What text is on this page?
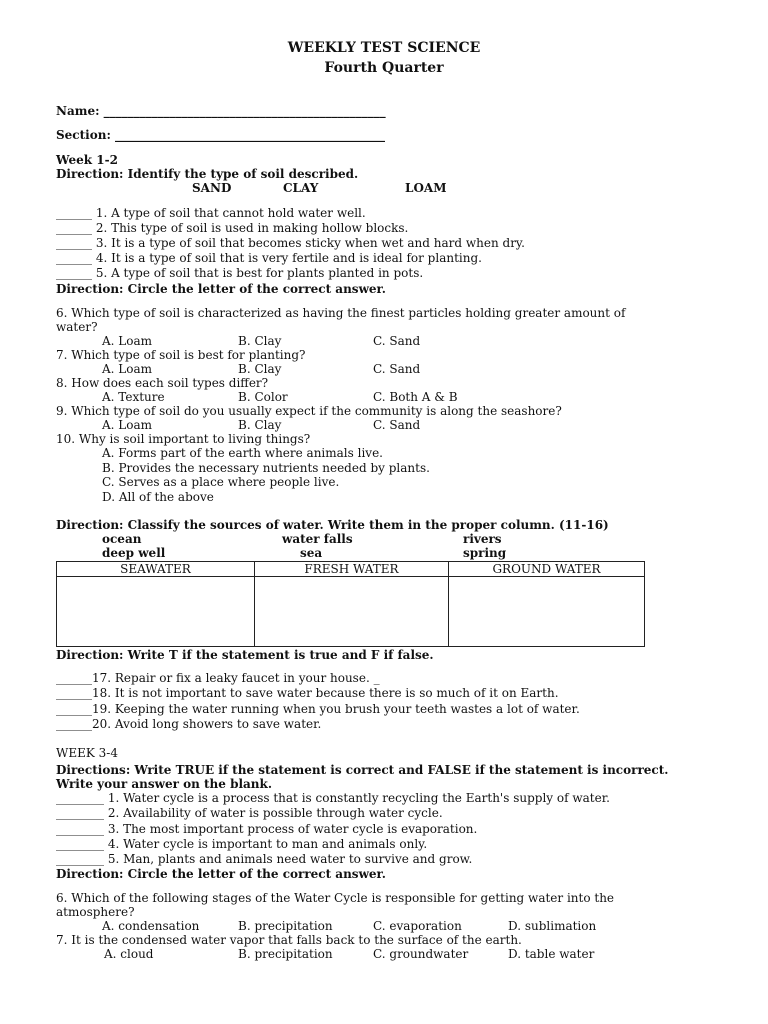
WEEKLY TEST SCIENCE
Fourth Quarter
Name: _______________________________________________
Section: _____________________________________________
Week 1-2
Direction: Identify the type of soil described.
SAND	CLAY	LOAM
______ 1. A type of soil that cannot hold water well.
______ 2. This type of soil is used in making hollow blocks.
______ 3. It is a type of soil that becomes sticky when wet and hard when dry.
______ 4. It is a type of soil that is very fertile and is ideal for planting.
______ 5. A type of soil that is best for plants planted in pots.
Direction: Circle the letter of the correct answer.
6. Which type of soil is characterized as having the finest particles holding greater amount of
water?
A. Loam	B. Clay	C. Sand
7. Which type of soil is best for planting?
A. Loam	B. Clay	C. Sand
8. How does each soil types differ?
A. Texture	B. Color	C. Both A & B
9. Which type of soil do you usually expect if the community is along the seashore?
A. Loam	B. Clay	C. Sand
10. Why is soil important to living things?
A. Forms part of the earth where animals live.
B. Provides the necessary nutrients needed by plants.
C. Serves as a place where people live.
D. All of the above
Direction: Classify the sources of water. Write them in the proper column. (11-16)
ocean	water falls	rivers
deep well	sea	spring
SEAWATER	FRESH WATER	GROUND WATER

Direction: Write T if the statement is true and F if false.
______17. Repair or fix a leaky faucet in your house. _
______18. It is not important to save water because there is so much of it on Earth.
______19. Keeping the water running when you brush your teeth wastes a lot of water.
______20. Avoid long showers to save water.
WEEK 3-4
Directions: Write TRUE if the statement is correct and FALSE if the statement is incorrect.
Write your answer on the blank.
________ 1. Water cycle is a process that is constantly recycling the Earth's supply of water.
________ 2. Availability of water is possible through water cycle.
________ 3. The most important process of water cycle is evaporation.
________ 4. Water cycle is important to man and animals only.
________ 5. Man, plants and animals need water to survive and grow.
Direction: Circle the letter of the correct answer.
6. Which of the following stages of the Water Cycle is responsible for getting water into the
atmosphere?
A. condensation	B. precipitation	C. evaporation	D. sublimation
7. It is the condensed water vapor that falls back to the surface of the earth.
A. cloud	B. precipitation	C. groundwater	D. table water
